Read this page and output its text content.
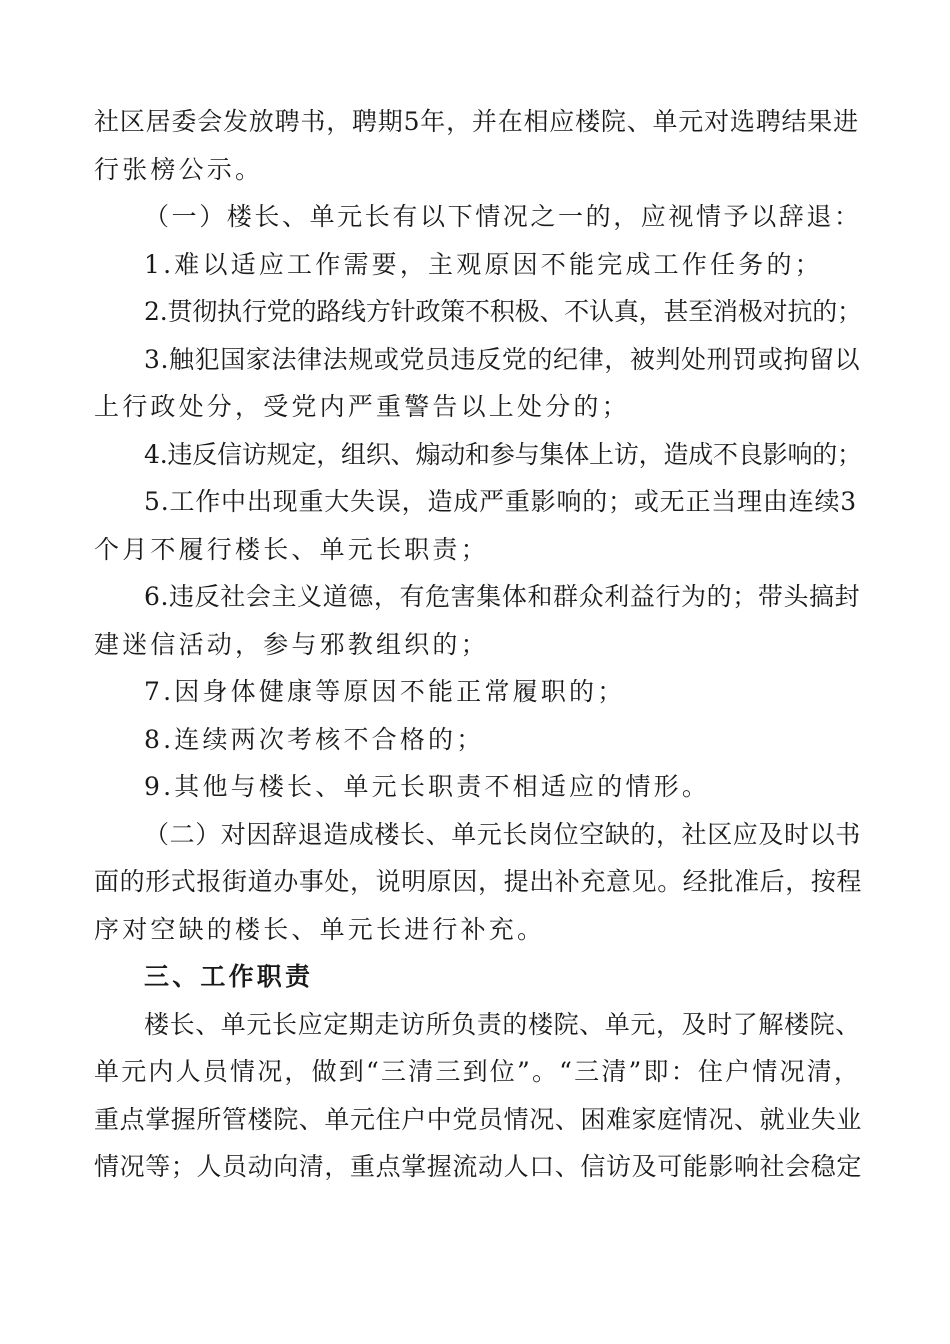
社区居委会发放聘书，聘期5年，并在相应楼院、单元对选聘结果进
行张榜公示。
（一）楼长、单元长有以下情况之一的，应视情予以辞退：
1.难以适应工作需要，主观原因不能完成工作任务的；
2.贯彻执行党的路线方针政策不积极、不认真，甚至消极对抗的；
3.触犯国家法律法规或党员违反党的纪律，被判处刑罚或拘留以
上行政处分，受党内严重警告以上处分的；
4.违反信访规定，组织、煽动和参与集体上访，造成不良影响的；
5.工作中出现重大失误，造成严重影响的；或无正当理由连续3
个月不履行楼长、单元长职责；
6.违反社会主义道德，有危害集体和群众利益行为的；带头搞封
建迷信活动，参与邪教组织的；
7.因身体健康等原因不能正常履职的；
8.连续两次考核不合格的；
9.其他与楼长、单元长职责不相适应的情形。
（二）对因辞退造成楼长、单元长岗位空缺的，社区应及时以书
面的形式报街道办事处，说明原因，提出补充意见。经批准后，按程
序对空缺的楼长、单元长进行补充。
三、工作职责
楼长、单元长应定期走访所负责的楼院、单元，及时了解楼院、
单元内人员情况，做到“三清三到位”。“三清”即：住户情况清，
重点掌握所管楼院、单元住户中党员情况、困难家庭情况、就业失业
情况等；人员动向清，重点掌握流动人口、信访及可能影响社会稳定
